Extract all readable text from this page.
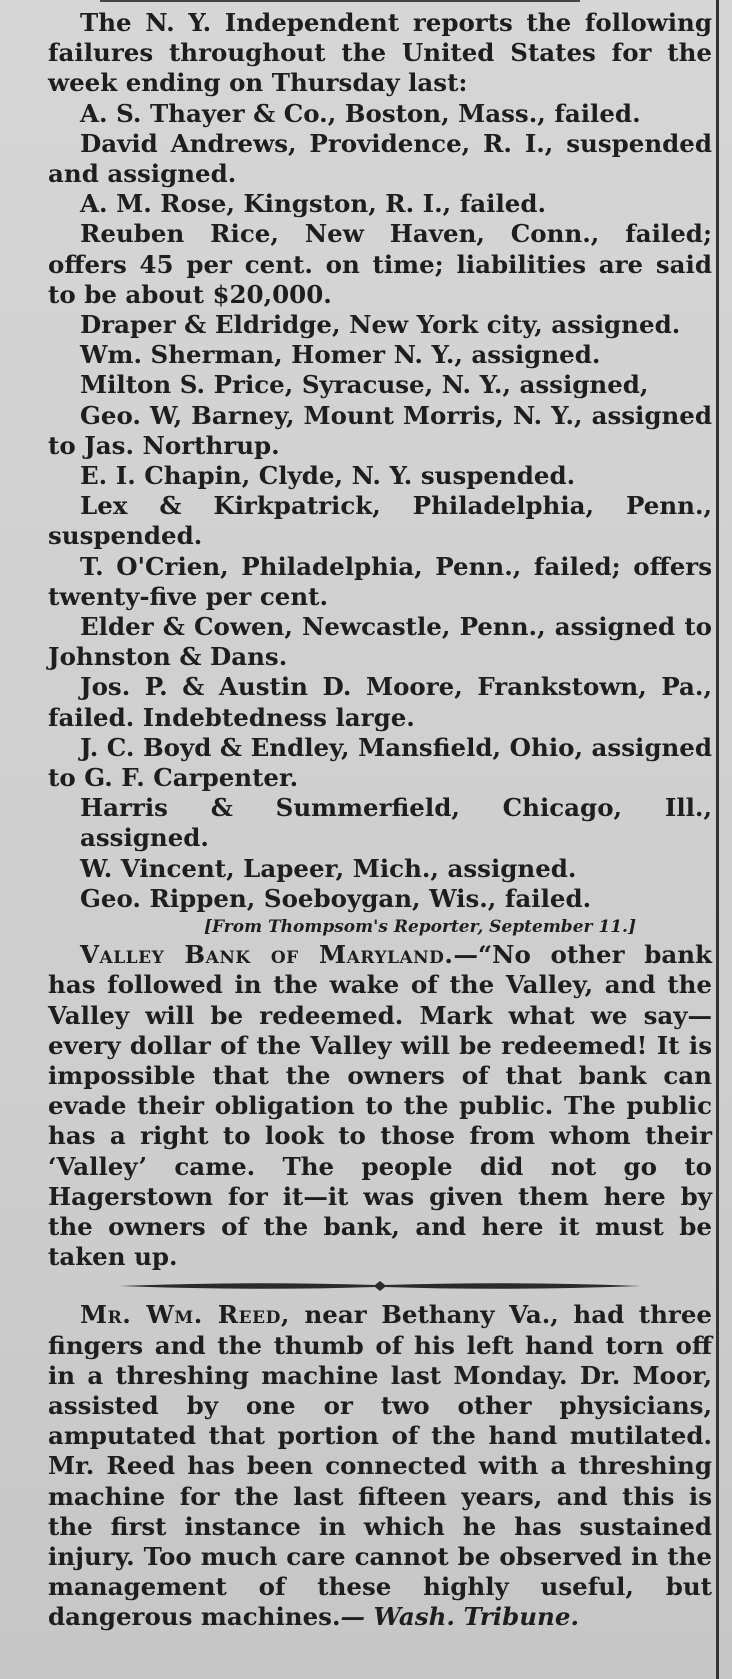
The N. Y. Independent reports the following failures throughout the United States for the week ending on Thursday last:

A. S. Thayer & Co., Boston, Mass., failed.

David Andrews, Providence, R. I., suspended and assigned.

A. M. Rose, Kingston, R. I., failed.

Reuben Rice, New Haven, Conn., failed; offers 45 per cent. on time; liabilities are said to be about $20,000.

Draper & Eldridge, New York city, assigned.

Wm. Sherman, Homer N. Y., assigned.

Milton S. Price, Syracuse, N. Y., assigned,

Geo. W, Barney, Mount Morris, N. Y., assigned to Jas. Northrup.

E. I. Chapin, Clyde, N. Y. suspended.

Lex & Kirkpatrick, Philadelphia, Penn., suspended.

T. O'Crien, Philadelphia, Penn., failed; offers twenty-five per cent.

Elder & Cowen, Newcastle, Penn., assigned to Johnston & Dans.

Jos. P. & Austin D. Moore, Frankstown, Pa., failed. Indebtedness large.

J. C. Boyd & Endley, Mansfield, Ohio, assigned to G. F. Carpenter.

Harris & Summerfield, Chicago, Ill., assigned.

W. Vincent, Lapeer, Mich., assigned.

Geo. Rippen, Soeboygan, Wis., failed.

[From Thompsom's Reporter, September 11.]

Valley Bank of Maryland.—“No other bank has followed in the wake of the Valley, and the Valley will be redeemed. Mark what we say—every dollar of the Valley will be redeemed! It is impossible that the owners of that bank can evade their obligation to the public. The public has a right to look to those from whom their ‘Valley’ came. The people did not go to Hagerstown for it—it was given them here by the owners of the bank, and here it must be taken up.

Mr. Wm. Reed, near Bethany Va., had three fingers and the thumb of his left hand torn off in a threshing machine last Monday. Dr. Moor, assisted by one or two other physicians, amputated that portion of the hand mutilated. Mr. Reed has been connected with a threshing machine for the last fifteen years, and this is the first instance in which he has sustained injury. Too much care cannot be observed in the management of these highly useful, but dangerous machines.— Wash. Tribune.
